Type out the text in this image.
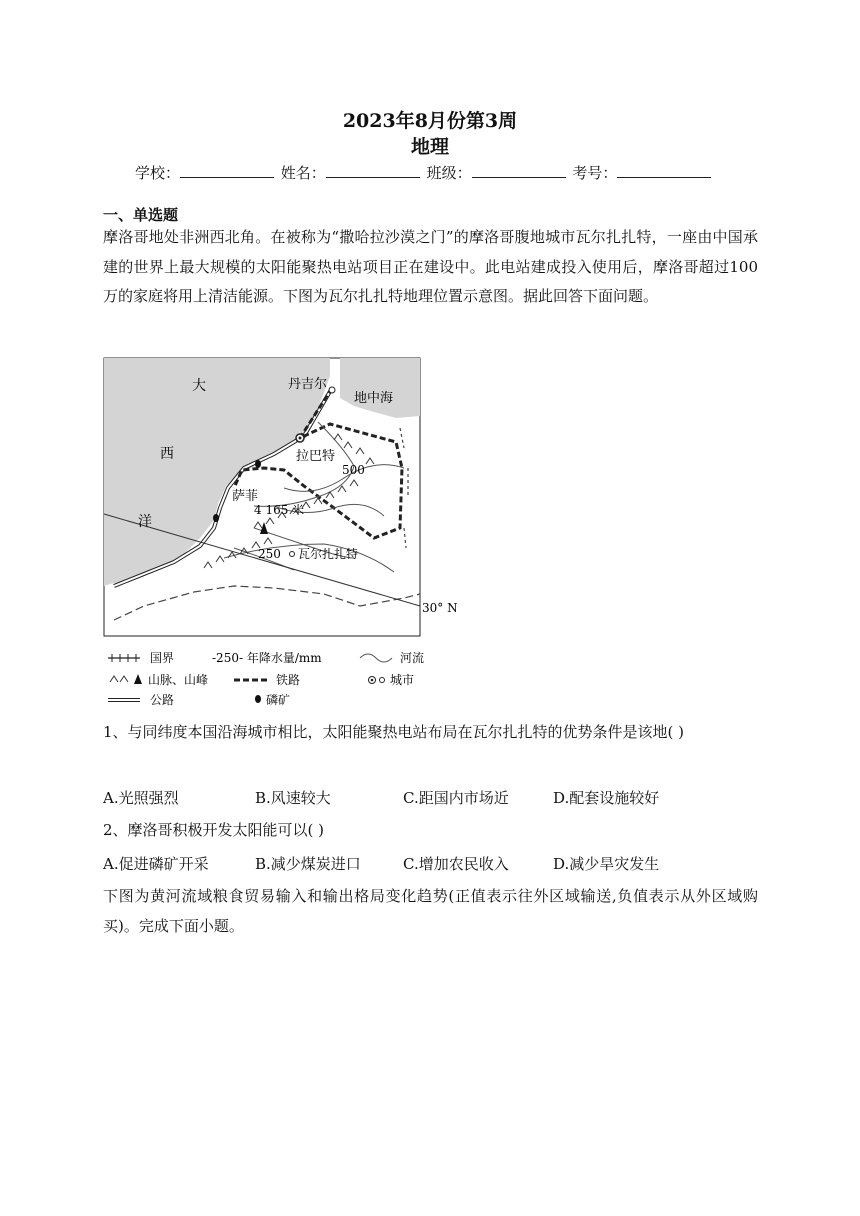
2023年8月份第3周
地理
学校：	姓名：	班级：	考号：
一、单选题
摩洛哥地处非洲西北角。在被称为“撒哈拉沙漠之门”的摩洛哥腹地城市瓦尔扎扎特，一座由中国承建的世界上最大规模的太阳能聚热电站项目正在建设中。此电站建成投入使用后，摩洛哥超过100万的家庭将用上清洁能源。下图为瓦尔扎扎特地理位置示意图。据此回答下面问题。
大
西
洋
地中海
丹吉尔
拉巴特
500
萨菲
4 165 米
250 瓦尔扎扎特
30° N
国界	-250- 年降水量/mm	河流
山脉、山峰	铁路	城市
公路	磷矿
1、与同纬度本国沿海城市相比，太阳能聚热电站布局在瓦尔扎扎特的优势条件是该地( )
A.光照强烈	B.风速较大	C.距国内市场近	D.配套设施较好
2、摩洛哥积极开发太阳能可以( )
A.促进磷矿开采	B.减少煤炭进口	C.增加农民收入	D.减少旱灾发生
下图为黄河流域粮食贸易输入和输出格局变化趋势(正值表示往外区域输送,负值表示从外区域购买)。完成下面小题。
